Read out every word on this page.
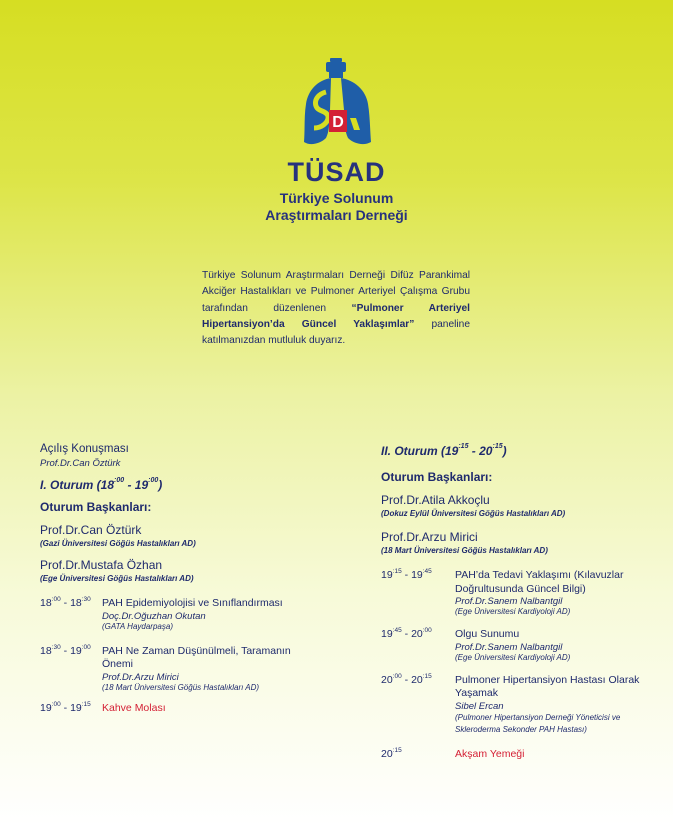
D
TÜSAD
Türkiye Solunum
Araştırmaları Derneği
Türkiye Solunum Araştırmaları Derneği Difüz Parankimal Akciğer Hastalıkları ve Pulmoner Arteriyel Çalışma Grubu tarafından düzenlenen “Pulmoner Arteriyel Hipertansiyon’da Güncel Yaklaşımlar” paneline katılmanızdan mutluluk duyarız.
Açılış Konuşması
Prof.Dr.Can Öztürk
I. Oturum $(18^{:00} - 19^{:00})$
Oturum Başkanları:
Prof.Dr.Can Öztürk
(Gazi Üniversitesi Göğüs Hastalıkları AD)
Prof.Dr.Mustafa Özhan
(Ege Üniversitesi Göğüs Hastalıkları AD)
$18^{:00} - 18^{:30}$	PAH Epidemiyolojisi ve Sınıflandırması
Doç.Dr.Oğuzhan Okutan
(GATA Haydarpaşa)
$18^{:30} - 19^{:00}$	PAH Ne Zaman Düşünülmeli, Taramanın Önemi
Prof.Dr.Arzu Mirici
(18 Mart Üniversitesi Göğüs Hastalıkları AD)
$19^{:00} - 19^{:15}$	Kahve Molası
II. Oturum $(19^{:15} - 20^{:15})$
Oturum Başkanları:
Prof.Dr.Atila Akkoçlu
(Dokuz Eylül Üniversitesi Göğüs Hastalıkları AD)
Prof.Dr.Arzu Mirici
(18 Mart Üniversitesi Göğüs Hastalıkları AD)
$19^{:15} - 19^{:45}$	PAH’da Tedavi Yaklaşımı (Kılavuzlar Doğrultusunda Güncel Bilgi)
Prof.Dr.Sanem Nalbantgil
(Ege Üniversitesi Kardiyoloji AD)
$19^{:45} - 20^{:00}$	Olgu Sunumu
Prof.Dr.Sanem Nalbantgil
(Ege Üniversitesi Kardiyoloji AD)
$20^{:00} - 20^{:15}$	Pulmoner Hipertansiyon Hastası Olarak Yaşamak
Sibel Ercan
(Pulmoner Hipertansiyon Derneği Yöneticisi ve Skleroderma Sekonder PAH Hastası)
$20^{:15}$	Akşam Yemeği
